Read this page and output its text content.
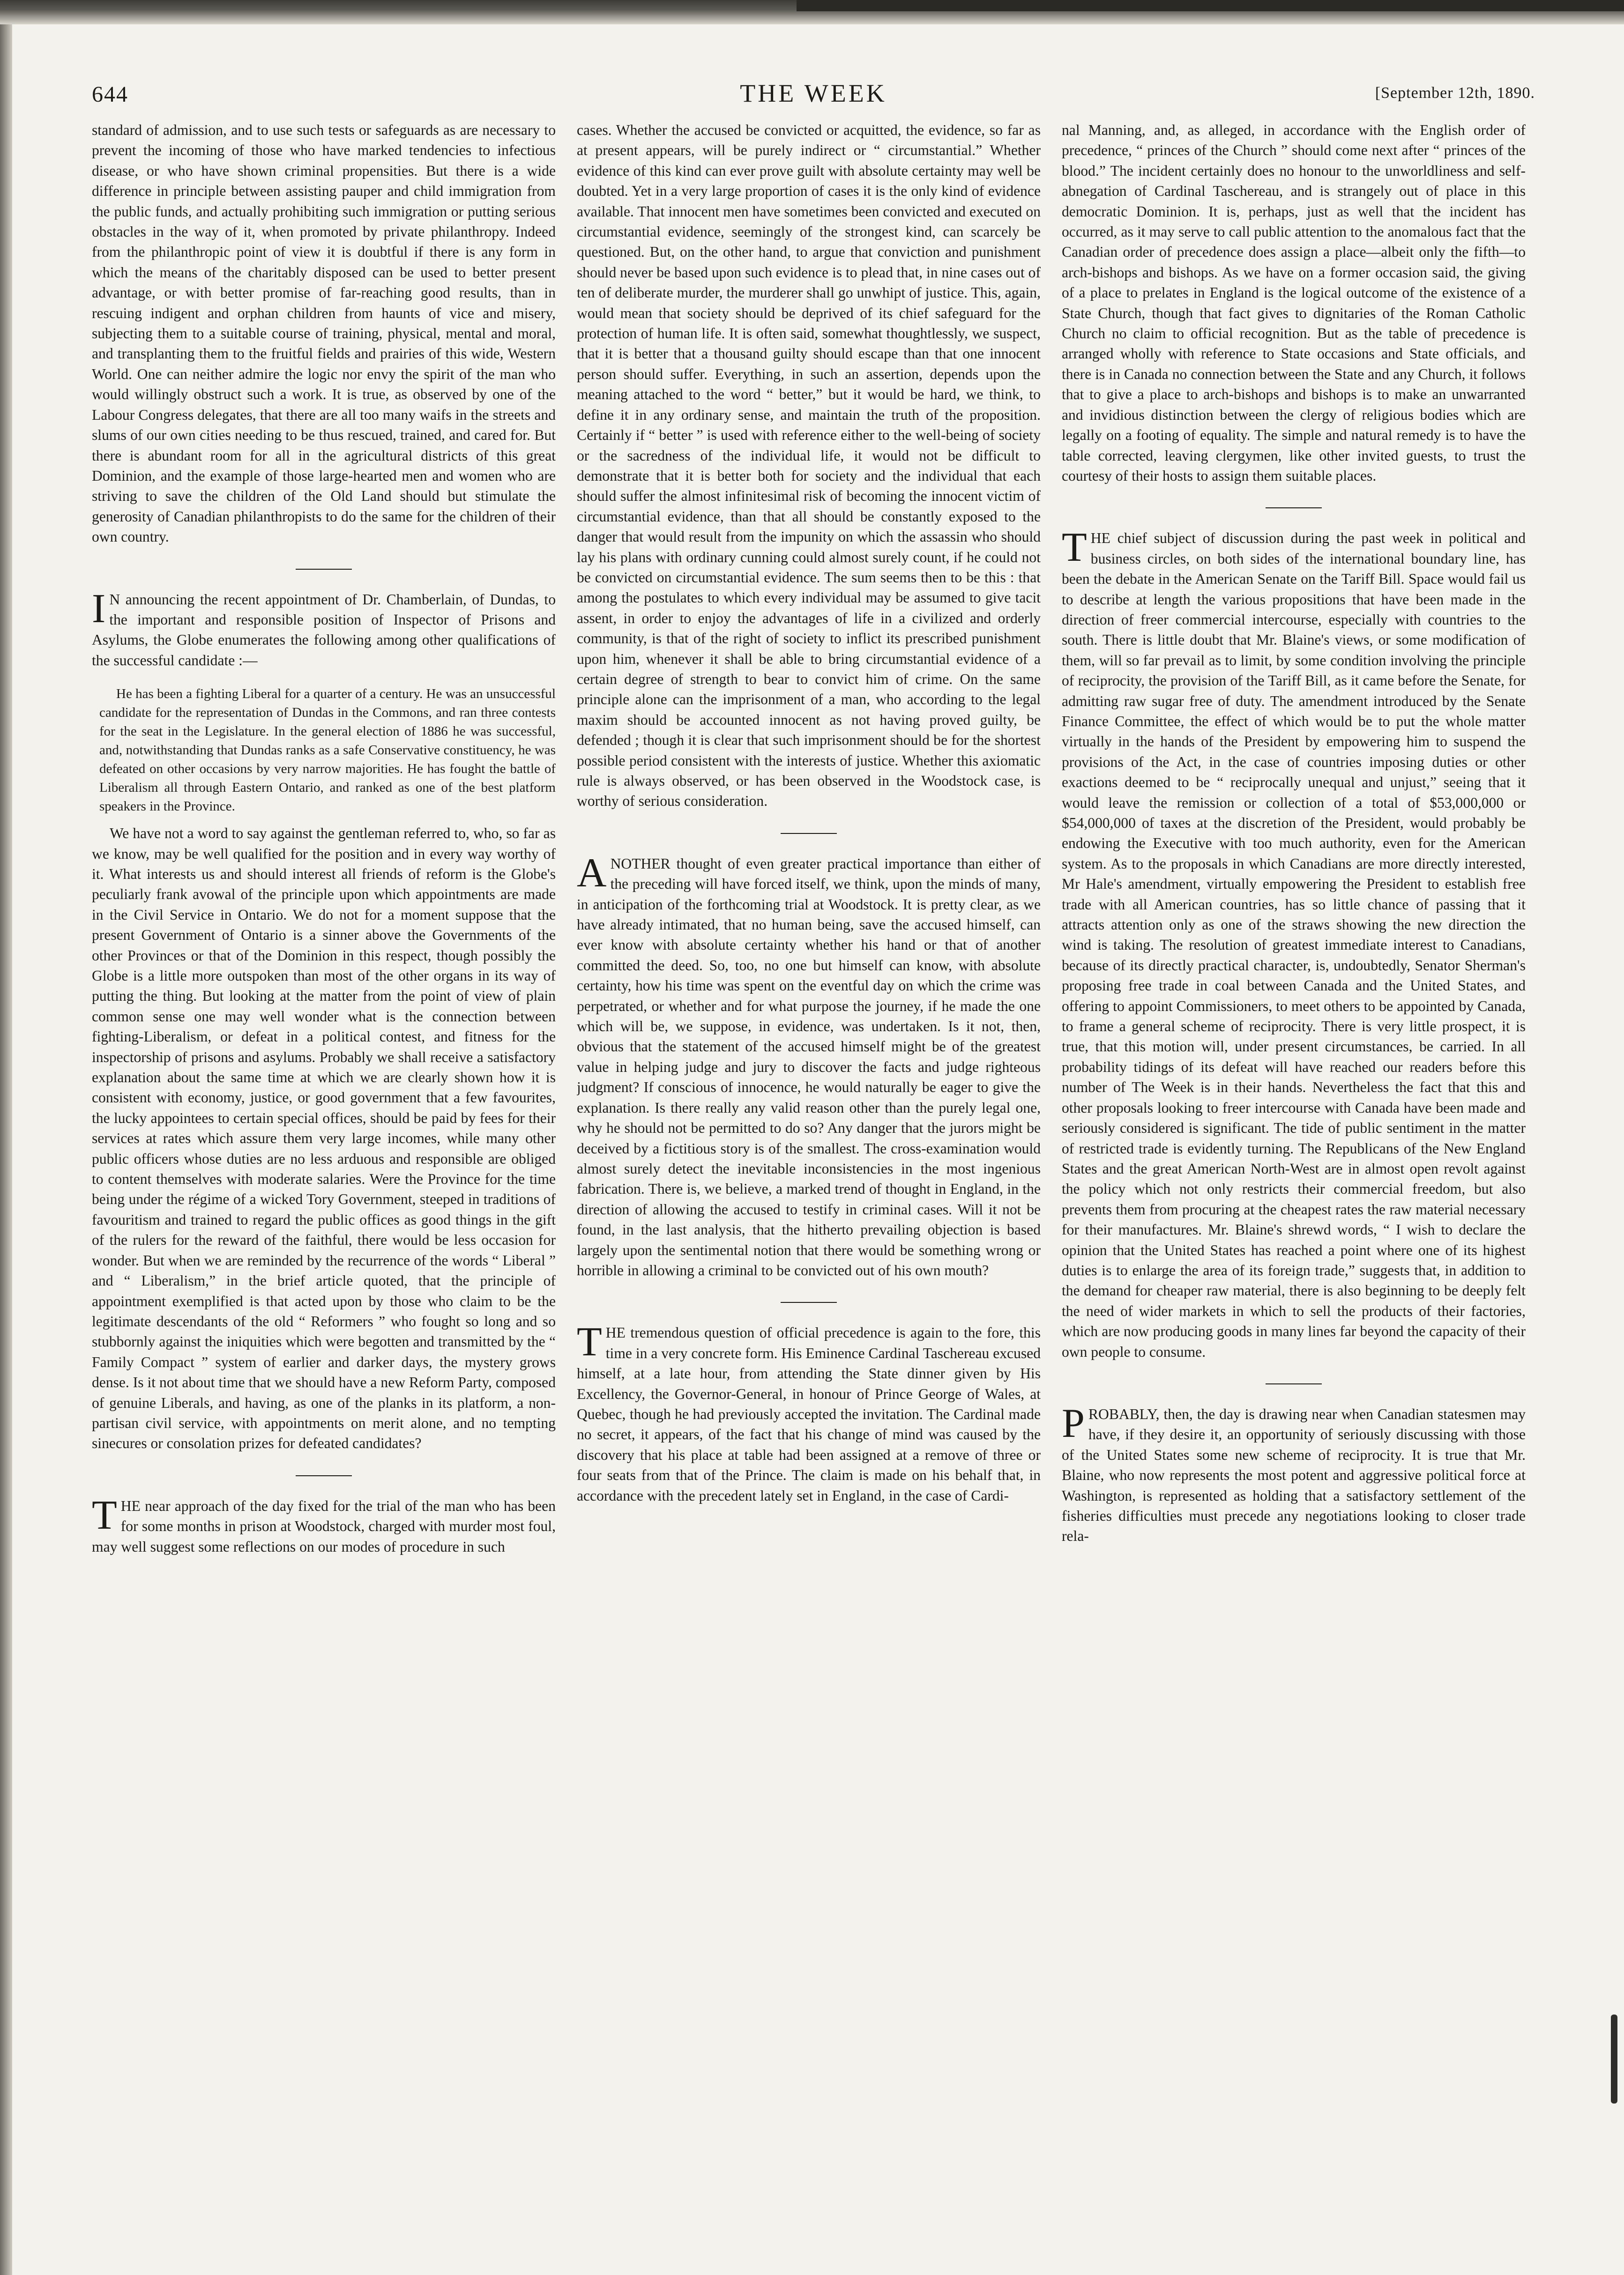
644	THE WEEK	[September 12th, 1890.

standard of admission, and to use such tests or safeguards as are necessary to prevent the incoming of those who have marked tendencies to infectious disease, or who have shown criminal propensities. But there is a wide difference in principle between assisting pauper and child immigration from the public funds, and actually prohibiting such immigration or putting serious obstacles in the way of it, when promoted by private philanthropy. Indeed from the philanthropic point of view it is doubtful if there is any form in which the means of the charitably disposed can be used to better present advantage, or with better promise of far-reaching good results, than in rescuing indigent and orphan children from haunts of vice and misery, subjecting them to a suitable course of training, physical, mental and moral, and transplanting them to the fruitful fields and prairies of this wide, Western World. One can neither admire the logic nor envy the spirit of the man who would willingly obstruct such a work. It is true, as observed by one of the Labour Congress delegates, that there are all too many waifs in the streets and slums of our own cities needing to be thus rescued, trained, and cared for. But there is abundant room for all in the agricultural districts of this great Dominion, and the example of those large-hearted men and women who are striving to save the children of the Old Land should but stimulate the generosity of Canadian philanthropists to do the same for the children of their own country.

IN announcing the recent appointment of Dr. Chamberlain, of Dundas, to the important and responsible position of Inspector of Prisons and Asylums, the Globe enumerates the following among other qualifications of the successful candidate :—

He has been a fighting Liberal for a quarter of a century. He was an unsuccessful candidate for the representation of Dundas in the Commons, and ran three contests for the seat in the Legislature. In the general election of 1886 he was successful, and, notwithstanding that Dundas ranks as a safe Conservative constituency, he was defeated on other occasions by very narrow majorities. He has fought the battle of Liberalism all through Eastern Ontario, and ranked as one of the best platform speakers in the Province.

We have not a word to say against the gentleman referred to, who, so far as we know, may be well qualified for the position and in every way worthy of it. What interests us and should interest all friends of reform is the Globe's peculiarly frank avowal of the principle upon which appointments are made in the Civil Service in Ontario. We do not for a moment suppose that the present Government of Ontario is a sinner above the Governments of the other Provinces or that of the Dominion in this respect, though possibly the Globe is a little more outspoken than most of the other organs in its way of putting the thing. But looking at the matter from the point of view of plain common sense one may well wonder what is the connection between fighting-Liberalism, or defeat in a political contest, and fitness for the inspectorship of prisons and asylums. Probably we shall receive a satisfactory explanation about the same time at which we are clearly shown how it is consistent with economy, justice, or good government that a few favourites, the lucky appointees to certain special offices, should be paid by fees for their services at rates which assure them very large incomes, while many other public officers whose duties are no less arduous and responsible are obliged to content themselves with moderate salaries. Were the Province for the time being under the régime of a wicked Tory Government, steeped in traditions of favouritism and trained to regard the public offices as good things in the gift of the rulers for the reward of the faithful, there would be less occasion for wonder. But when we are reminded by the recurrence of the words “ Liberal ” and “ Liberalism,” in the brief article quoted, that the principle of appointment exemplified is that acted upon by those who claim to be the legitimate descendants of the old “ Reformers ” who fought so long and so stubbornly against the iniquities which were begotten and transmitted by the “ Family Compact ” system of earlier and darker days, the mystery grows dense. Is it not about time that we should have a new Reform Party, composed of genuine Liberals, and having, as one of the planks in its platform, a non-partisan civil service, with appointments on merit alone, and no tempting sinecures or consolation prizes for defeated candidates?

THE near approach of the day fixed for the trial of the man who has been for some months in prison at Woodstock, charged with murder most foul, may well suggest some reflections on our modes of procedure in such

cases. Whether the accused be convicted or acquitted, the evidence, so far as at present appears, will be purely indirect or “ circumstantial.” Whether evidence of this kind can ever prove guilt with absolute certainty may well be doubted. Yet in a very large proportion of cases it is the only kind of evidence available. That innocent men have sometimes been convicted and executed on circumstantial evidence, seemingly of the strongest kind, can scarcely be questioned. But, on the other hand, to argue that conviction and punishment should never be based upon such evidence is to plead that, in nine cases out of ten of deliberate murder, the murderer shall go unwhipt of justice. This, again, would mean that society should be deprived of its chief safeguard for the protection of human life. It is often said, somewhat thoughtlessly, we suspect, that it is better that a thousand guilty should escape than that one innocent person should suffer. Everything, in such an assertion, depends upon the meaning attached to the word “ better,” but it would be hard, we think, to define it in any ordinary sense, and maintain the truth of the proposition. Certainly if “ better ” is used with reference either to the well-being of society or the sacredness of the individual life, it would not be difficult to demonstrate that it is better both for society and the individual that each should suffer the almost infinitesimal risk of becoming the innocent victim of circumstantial evidence, than that all should be constantly exposed to the danger that would result from the impunity on which the assassin who should lay his plans with ordinary cunning could almost surely count, if he could not be convicted on circumstantial evidence. The sum seems then to be this : that among the postulates to which every individual may be assumed to give tacit assent, in order to enjoy the advantages of life in a civilized and orderly community, is that of the right of society to inflict its prescribed punishment upon him, whenever it shall be able to bring circumstantial evidence of a certain degree of strength to bear to convict him of crime. On the same principle alone can the imprisonment of a man, who according to the legal maxim should be accounted innocent as not having proved guilty, be defended ; though it is clear that such imprisonment should be for the shortest possible period consistent with the interests of justice. Whether this axiomatic rule is always observed, or has been observed in the Woodstock case, is worthy of serious consideration.

ANOTHER thought of even greater practical importance than either of the preceding will have forced itself, we think, upon the minds of many, in anticipation of the forthcoming trial at Woodstock. It is pretty clear, as we have already intimated, that no human being, save the accused himself, can ever know with absolute certainty whether his hand or that of another committed the deed. So, too, no one but himself can know, with absolute certainty, how his time was spent on the eventful day on which the crime was perpetrated, or whether and for what purpose the journey, if he made the one which will be, we suppose, in evidence, was undertaken. Is it not, then, obvious that the statement of the accused himself might be of the greatest value in helping judge and jury to discover the facts and judge righteous judgment? If conscious of innocence, he would naturally be eager to give the explanation. Is there really any valid reason other than the purely legal one, why he should not be permitted to do so? Any danger that the jurors might be deceived by a fictitious story is of the smallest. The cross-examination would almost surely detect the inevitable inconsistencies in the most ingenious fabrication. There is, we believe, a marked trend of thought in England, in the direction of allowing the accused to testify in criminal cases. Will it not be found, in the last analysis, that the hitherto prevailing objection is based largely upon the sentimental notion that there would be something wrong or horrible in allowing a criminal to be convicted out of his own mouth?

THE tremendous question of official precedence is again to the fore, this time in a very concrete form. His Eminence Cardinal Taschereau excused himself, at a late hour, from attending the State dinner given by His Excellency, the Governor-General, in honour of Prince George of Wales, at Quebec, though he had previously accepted the invitation. The Cardinal made no secret, it appears, of the fact that his change of mind was caused by the discovery that his place at table had been assigned at a remove of three or four seats from that of the Prince. The claim is made on his behalf that, in accordance with the precedent lately set in England, in the case of Cardi-

nal Manning, and, as alleged, in accordance with the English order of precedence, “ princes of the Church ” should come next after “ princes of the blood.” The incident certainly does no honour to the unworldliness and self-abnegation of Cardinal Taschereau, and is strangely out of place in this democratic Dominion. It is, perhaps, just as well that the incident has occurred, as it may serve to call public attention to the anomalous fact that the Canadian order of precedence does assign a place—albeit only the fifth—to arch-bishops and bishops. As we have on a former occasion said, the giving of a place to prelates in England is the logical outcome of the existence of a State Church, though that fact gives to dignitaries of the Roman Catholic Church no claim to official recognition. But as the table of precedence is arranged wholly with reference to State occasions and State officials, and there is in Canada no connection between the State and any Church, it follows that to give a place to arch-bishops and bishops is to make an unwarranted and invidious distinction between the clergy of religious bodies which are legally on a footing of equality. The simple and natural remedy is to have the table corrected, leaving clergymen, like other invited guests, to trust the courtesy of their hosts to assign them suitable places.

THE chief subject of discussion during the past week in political and business circles, on both sides of the international boundary line, has been the debate in the American Senate on the Tariff Bill. Space would fail us to describe at length the various propositions that have been made in the direction of freer commercial intercourse, especially with countries to the south. There is little doubt that Mr. Blaine's views, or some modification of them, will so far prevail as to limit, by some condition involving the principle of reciprocity, the provision of the Tariff Bill, as it came before the Senate, for admitting raw sugar free of duty. The amendment introduced by the Senate Finance Committee, the effect of which would be to put the whole matter virtually in the hands of the President by empowering him to suspend the provisions of the Act, in the case of countries imposing duties or other exactions deemed to be “ reciprocally unequal and unjust,” seeing that it would leave the remission or collection of a total of $53,000,000 or $54,000,000 of taxes at the discretion of the President, would probably be endowing the Executive with too much authority, even for the American system. As to the proposals in which Canadians are more directly interested, Mr Hale's amendment, virtually empowering the President to establish free trade with all American countries, has so little chance of passing that it attracts attention only as one of the straws showing the new direction the wind is taking. The resolution of greatest immediate interest to Canadians, because of its directly practical character, is, undoubtedly, Senator Sherman's proposing free trade in coal between Canada and the United States, and offering to appoint Commissioners, to meet others to be appointed by Canada, to frame a general scheme of reciprocity. There is very little prospect, it is true, that this motion will, under present circumstances, be carried. In all probability tidings of its defeat will have reached our readers before this number of The Week is in their hands. Nevertheless the fact that this and other proposals looking to freer intercourse with Canada have been made and seriously considered is significant. The tide of public sentiment in the matter of restricted trade is evidently turning. The Republicans of the New England States and the great American North-West are in almost open revolt against the policy which not only restricts their commercial freedom, but also prevents them from procuring at the cheapest rates the raw material necessary for their manufactures. Mr. Blaine's shrewd words, “ I wish to declare the opinion that the United States has reached a point where one of its highest duties is to enlarge the area of its foreign trade,” suggests that, in addition to the demand for cheaper raw material, there is also beginning to be deeply felt the need of wider markets in which to sell the products of their factories, which are now producing goods in many lines far beyond the capacity of their own people to consume.

PROBABLY, then, the day is drawing near when Canadian statesmen may have, if they desire it, an opportunity of seriously discussing with those of the United States some new scheme of reciprocity. It is true that Mr. Blaine, who now represents the most potent and aggressive political force at Washington, is represented as holding that a satisfactory settlement of the fisheries difficulties must precede any negotiations looking to closer trade rela-
